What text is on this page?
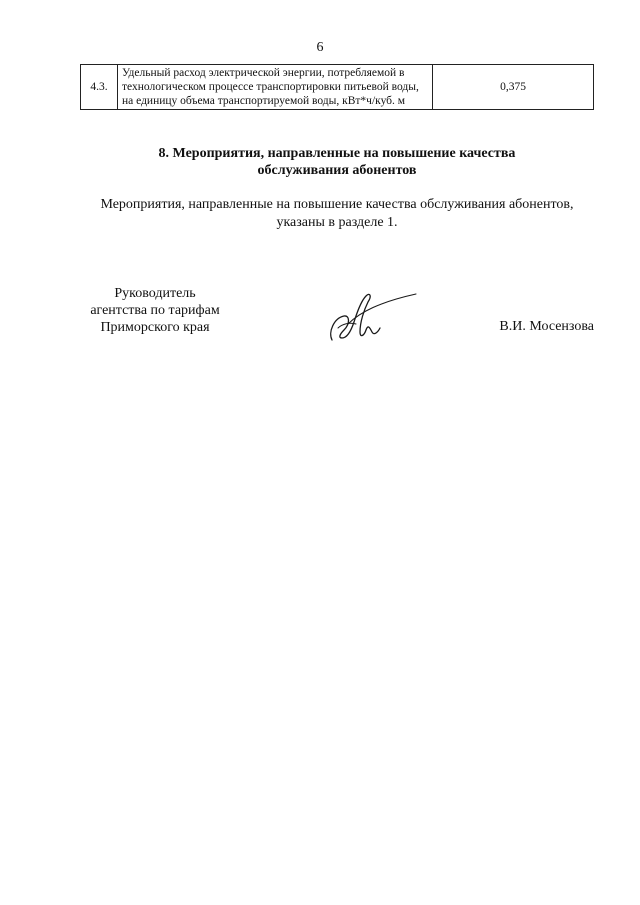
6
4.3.	Удельный расход электрической энергии, потребляемой в технологическом процессе транспортировки питьевой воды, на единицу объема транспортируемой воды, кВт*ч/куб. м	0,375
8. Мероприятия, направленные на повышение качества
обслуживания абонентов
Мероприятия, направленные на повышение качества обслуживания абонентов,
указаны в разделе 1.
Руководитель
агентства по тарифам
Приморского края	В.И. Мосензова
